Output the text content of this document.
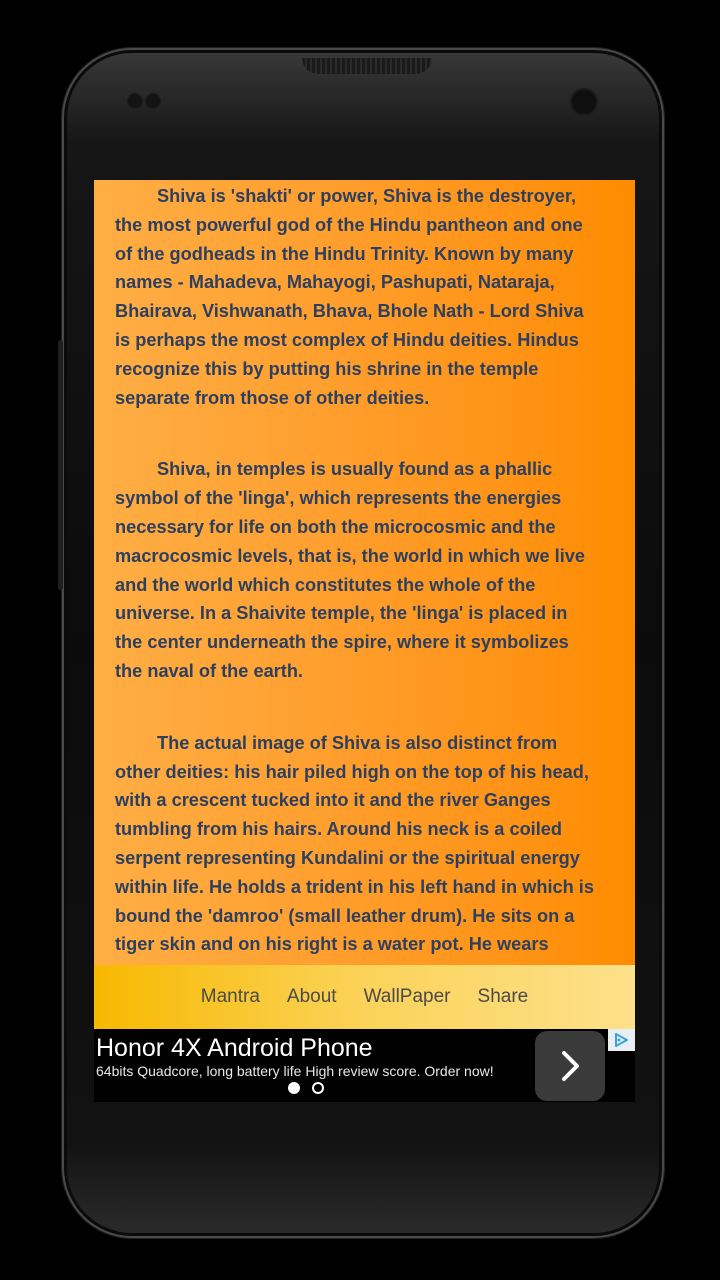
Shiva is 'shakti' or power, Shiva is the destroyer, the most powerful god of the Hindu pantheon and one of the godheads in the Hindu Trinity. Known by many names - Mahadeva, Mahayogi, Pashupati, Nataraja, Bhairava, Vishwanath, Bhava, Bhole Nath - Lord Shiva is perhaps the most complex of Hindu deities. Hindus recognize this by putting his shrine in the temple separate from those of other deities.

Shiva, in temples is usually found as a phallic symbol of the 'linga', which represents the energies necessary for life on both the microcosmic and the macrocosmic levels, that is, the world in which we live and the world which constitutes the whole of the universe. In a Shaivite temple, the 'linga' is placed in the center underneath the spire, where it symbolizes the naval of the earth.

The actual image of Shiva is also distinct from other deities: his hair piled high on the top of his head, with a crescent tucked into it and the river Ganges tumbling from his hairs. Around his neck is a coiled serpent representing Kundalini or the spiritual energy within life. He holds a trident in his left hand in which is bound the 'damroo' (small leather drum). He sits on a tiger skin and on his right is a water pot. He wears

Mantra About WallPaper Share
Honor 4X Android Phone
64bits Quadcore, long battery life High review score. Order now!
